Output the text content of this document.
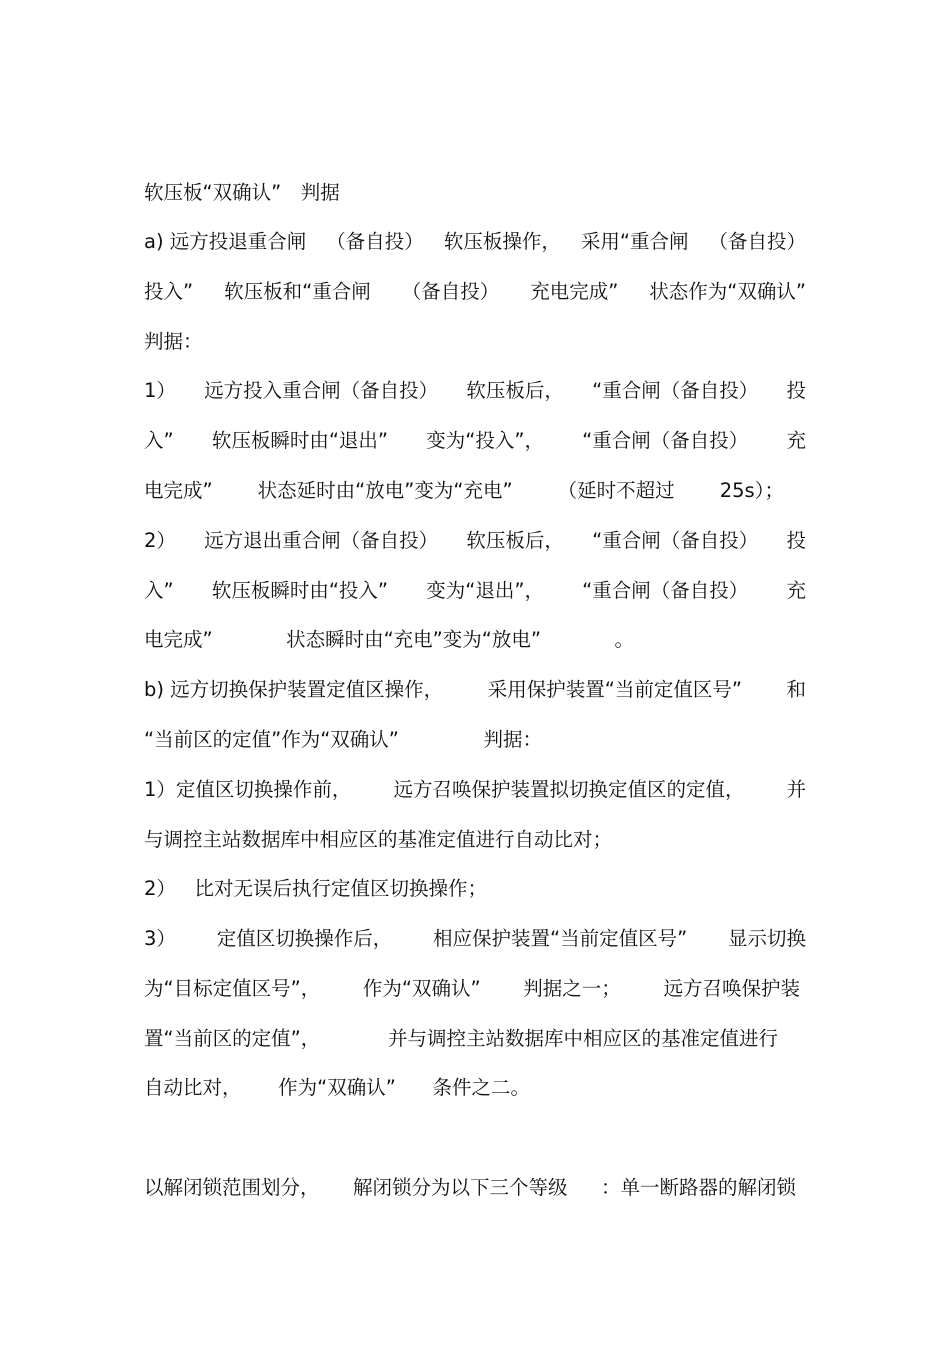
软压板“双确认”　判据
a) 远方投退重合闸 （备自投） 软压板操作， 采用“重合闸 （备自投）
投入” 软压板和“重合闸 （备自投） 充电完成” 状态作为“双确认”
判据：
1） 远方投入重合闸（备自投） 软压板后， “重合闸（备自投） 投
入” 软压板瞬时由“退出” 变为“投入”， “重合闸（备自投） 充
电完成” 状态延时由“放电”变为“充电” （延时不超过 25s）；
2） 远方退出重合闸（备自投） 软压板后， “重合闸（备自投） 投
入” 软压板瞬时由“投入” 变为“退出”， “重合闸（备自投） 充
电完成”	状态瞬时由“充电”变为“放电”	。
b) 远方切换保护装置定值区操作， 采用保护装置“当前定值区号” 和
“当前区的定值”作为“双确认”	判据：
1）定值区切换操作前， 远方召唤保护装置拟切换定值区的定值， 并
与调控主站数据库中相应区的基准定值进行自动比对；
2） 比对无误后执行定值区切换操作；
3） 定值区切换操作后， 相应保护装置“当前定值区号” 显示切换
为“目标定值区号”， 作为“双确认” 判据之一； 远方召唤保护装
置“当前区的定值”，	并与调控主站数据库中相应区的基准定值进行
自动比对， 作为“双确认” 条件之二。
以解闭锁范围划分， 解闭锁分为以下三个等级 ：单一断路器的解闭锁
